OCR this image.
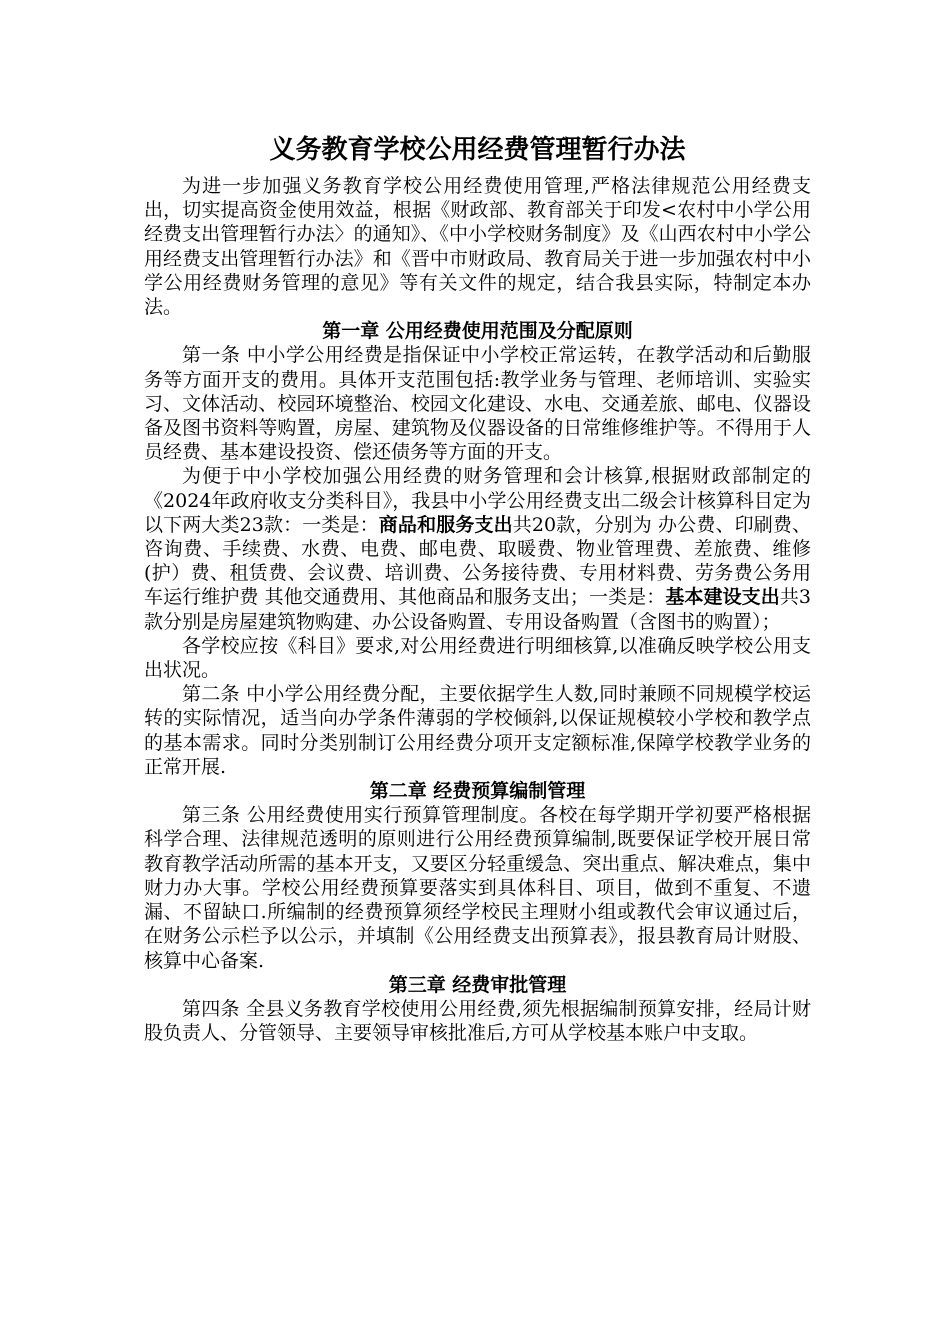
义务教育学校公用经费管理暂行办法

为进一步加强义务教育学校公用经费使用管理,严格法律规范公用经费支出，切实提高资金使用效益，根据《财政部、教育部关于印发<农村中小学公用经费支出管理暂行办法〉的通知》、《中小学校财务制度》及《山西农村中小学公用经费支出管理暂行办法》和《晋中市财政局、教育局关于进一步加强农村中小学公用经费财务管理的意见》等有关文件的规定，结合我县实际，特制定本办法。

第一章 公用经费使用范围及分配原则

第一条 中小学公用经费是指保证中小学校正常运转，在教学活动和后勤服务等方面开支的费用。具体开支范围包括:教学业务与管理、老师培训、实验实习、文体活动、校园环境整治、校园文化建设、水电、交通差旅、邮电、仪器设备及图书资料等购置，房屋、建筑物及仪器设备的日常维修维护等。不得用于人员经费、基本建设投资、偿还债务等方面的开支。

为便于中小学校加强公用经费的财务管理和会计核算,根据财政部制定的《2024年政府收支分类科目》，我县中小学公用经费支出二级会计核算科目定为以下两大类23款：一类是：商品和服务支出共20款，分别为 办公费、印刷费、咨询费、手续费、水费、电费、邮电费、取暖费、物业管理费、差旅费、维修(护）费、租赁费、会议费、培训费、公务接待费、专用材料费、劳务费公务用车运行维护费 其他交通费用、其他商品和服务支出；一类是：基本建设支出共3款分别是房屋建筑物购建、办公设备购置、专用设备购置（含图书的购置）；

各学校应按《科目》要求,对公用经费进行明细核算,以准确反映学校公用支出状况。

第二条 中小学公用经费分配，主要依据学生人数,同时兼顾不同规模学校运转的实际情况，适当向办学条件薄弱的学校倾斜,以保证规模较小学校和教学点的基本需求。同时分类别制订公用经费分项开支定额标准,保障学校教学业务的正常开展.

第二章 经费预算编制管理

第三条 公用经费使用实行预算管理制度。各校在每学期开学初要严格根据科学合理、法律规范透明的原则进行公用经费预算编制,既要保证学校开展日常教育教学活动所需的基本开支，又要区分轻重缓急、突出重点、解决难点，集中财力办大事。学校公用经费预算要落实到具体科目、项目，做到不重复、不遗漏、不留缺口.所编制的经费预算须经学校民主理财小组或教代会审议通过后，在财务公示栏予以公示，并填制《公用经费支出预算表》，报县教育局计财股、核算中心备案.

第三章 经费审批管理

第四条 全县义务教育学校使用公用经费,须先根据编制预算安排，经局计财股负责人、分管领导、主要领导审核批准后,方可从学校基本账户中支取。
